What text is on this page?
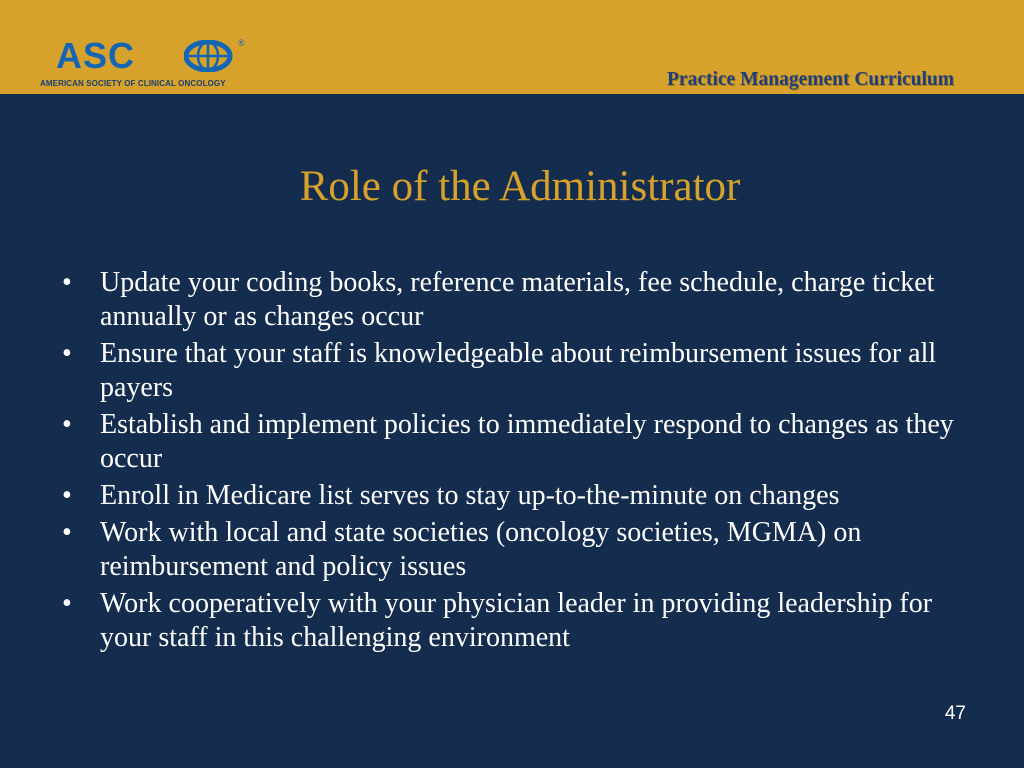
ASC	®
AMERICAN SOCIETY OF CLINICAL ONCOLOGY	Practice Management Curriculum
Role of the Administrator
•	Update your coding books, reference materials, fee schedule, charge ticket annually or as changes occur
•	Ensure that your staff is knowledgeable about reimbursement issues for all payers
•	Establish and implement policies to immediately respond to changes as they occur
•	Enroll in Medicare list serves to stay up-to-the-minute on changes
•	Work with local and state societies (oncology societies, MGMA) on reimbursement and policy issues
•	Work cooperatively with your physician leader in providing leadership for your staff in this challenging environment
47
